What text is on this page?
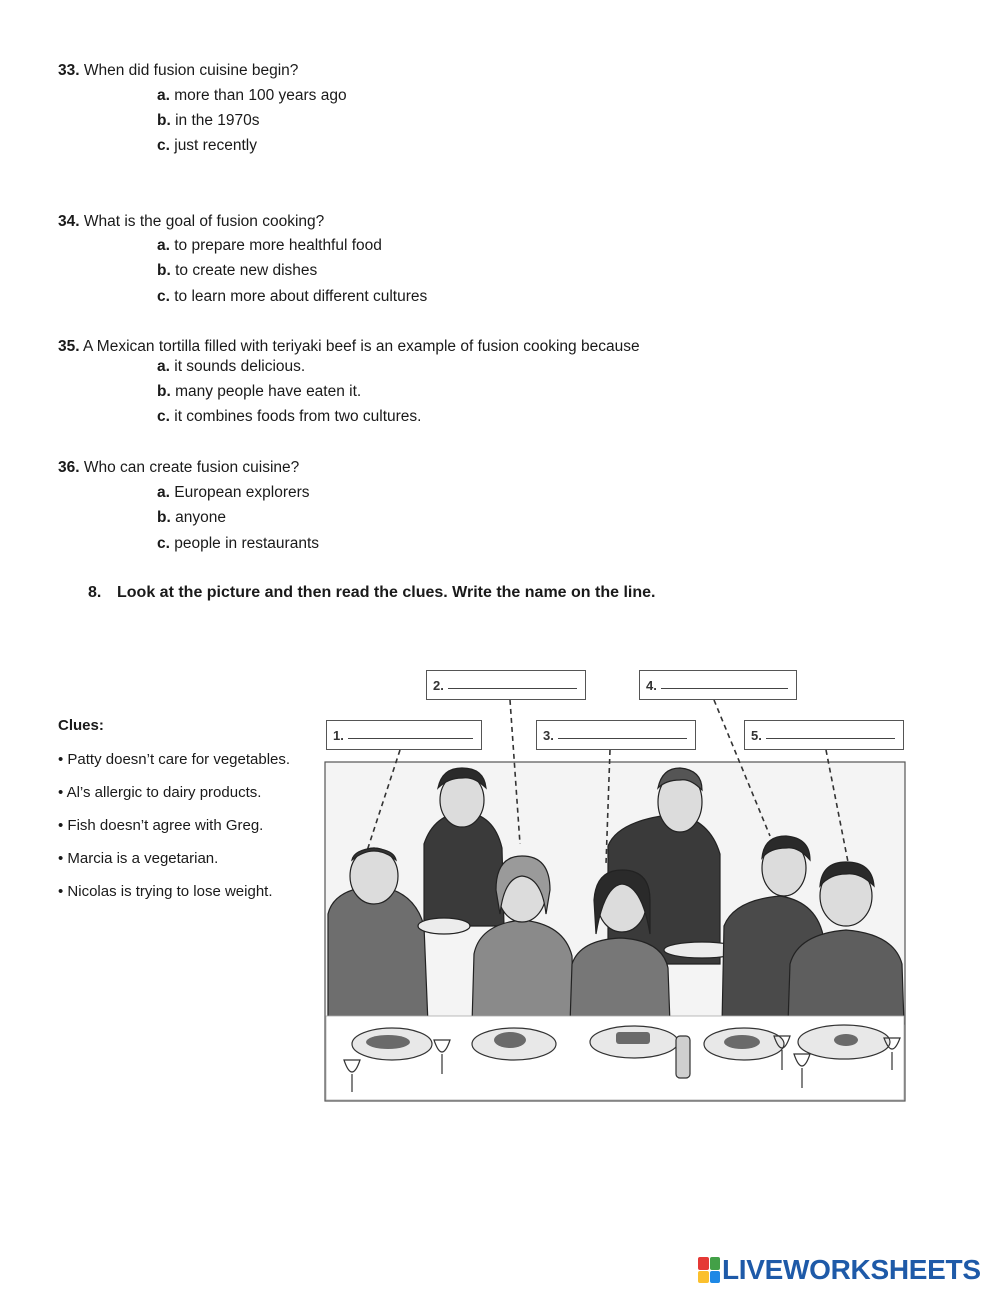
33. When did fusion cuisine begin?
a. more than 100 years ago
b. in the 1970s
c. just recently
34. What is the goal of fusion cooking?
a. to prepare more healthful food
b. to create new dishes
c. to learn more about different cultures
35. A Mexican tortilla filled with teriyaki beef is an example of fusion cooking because
a. it sounds delicious.
b. many people have eaten it.
c. it combines foods from two cultures.
36. Who can create fusion cuisine?
a. European explorers
b. anyone
c. people in restaurants
8. Look at the picture and then read the clues. Write the name on the line.
Clues:
• Patty doesn’t care for vegetables.
• Al’s allergic to dairy products.
• Fish doesn’t agree with Greg.
• Marcia is a vegetarian.
• Nicolas is trying to lose weight.
1.
2.
3.
4.
5.
LIVEWORKSHEETS
